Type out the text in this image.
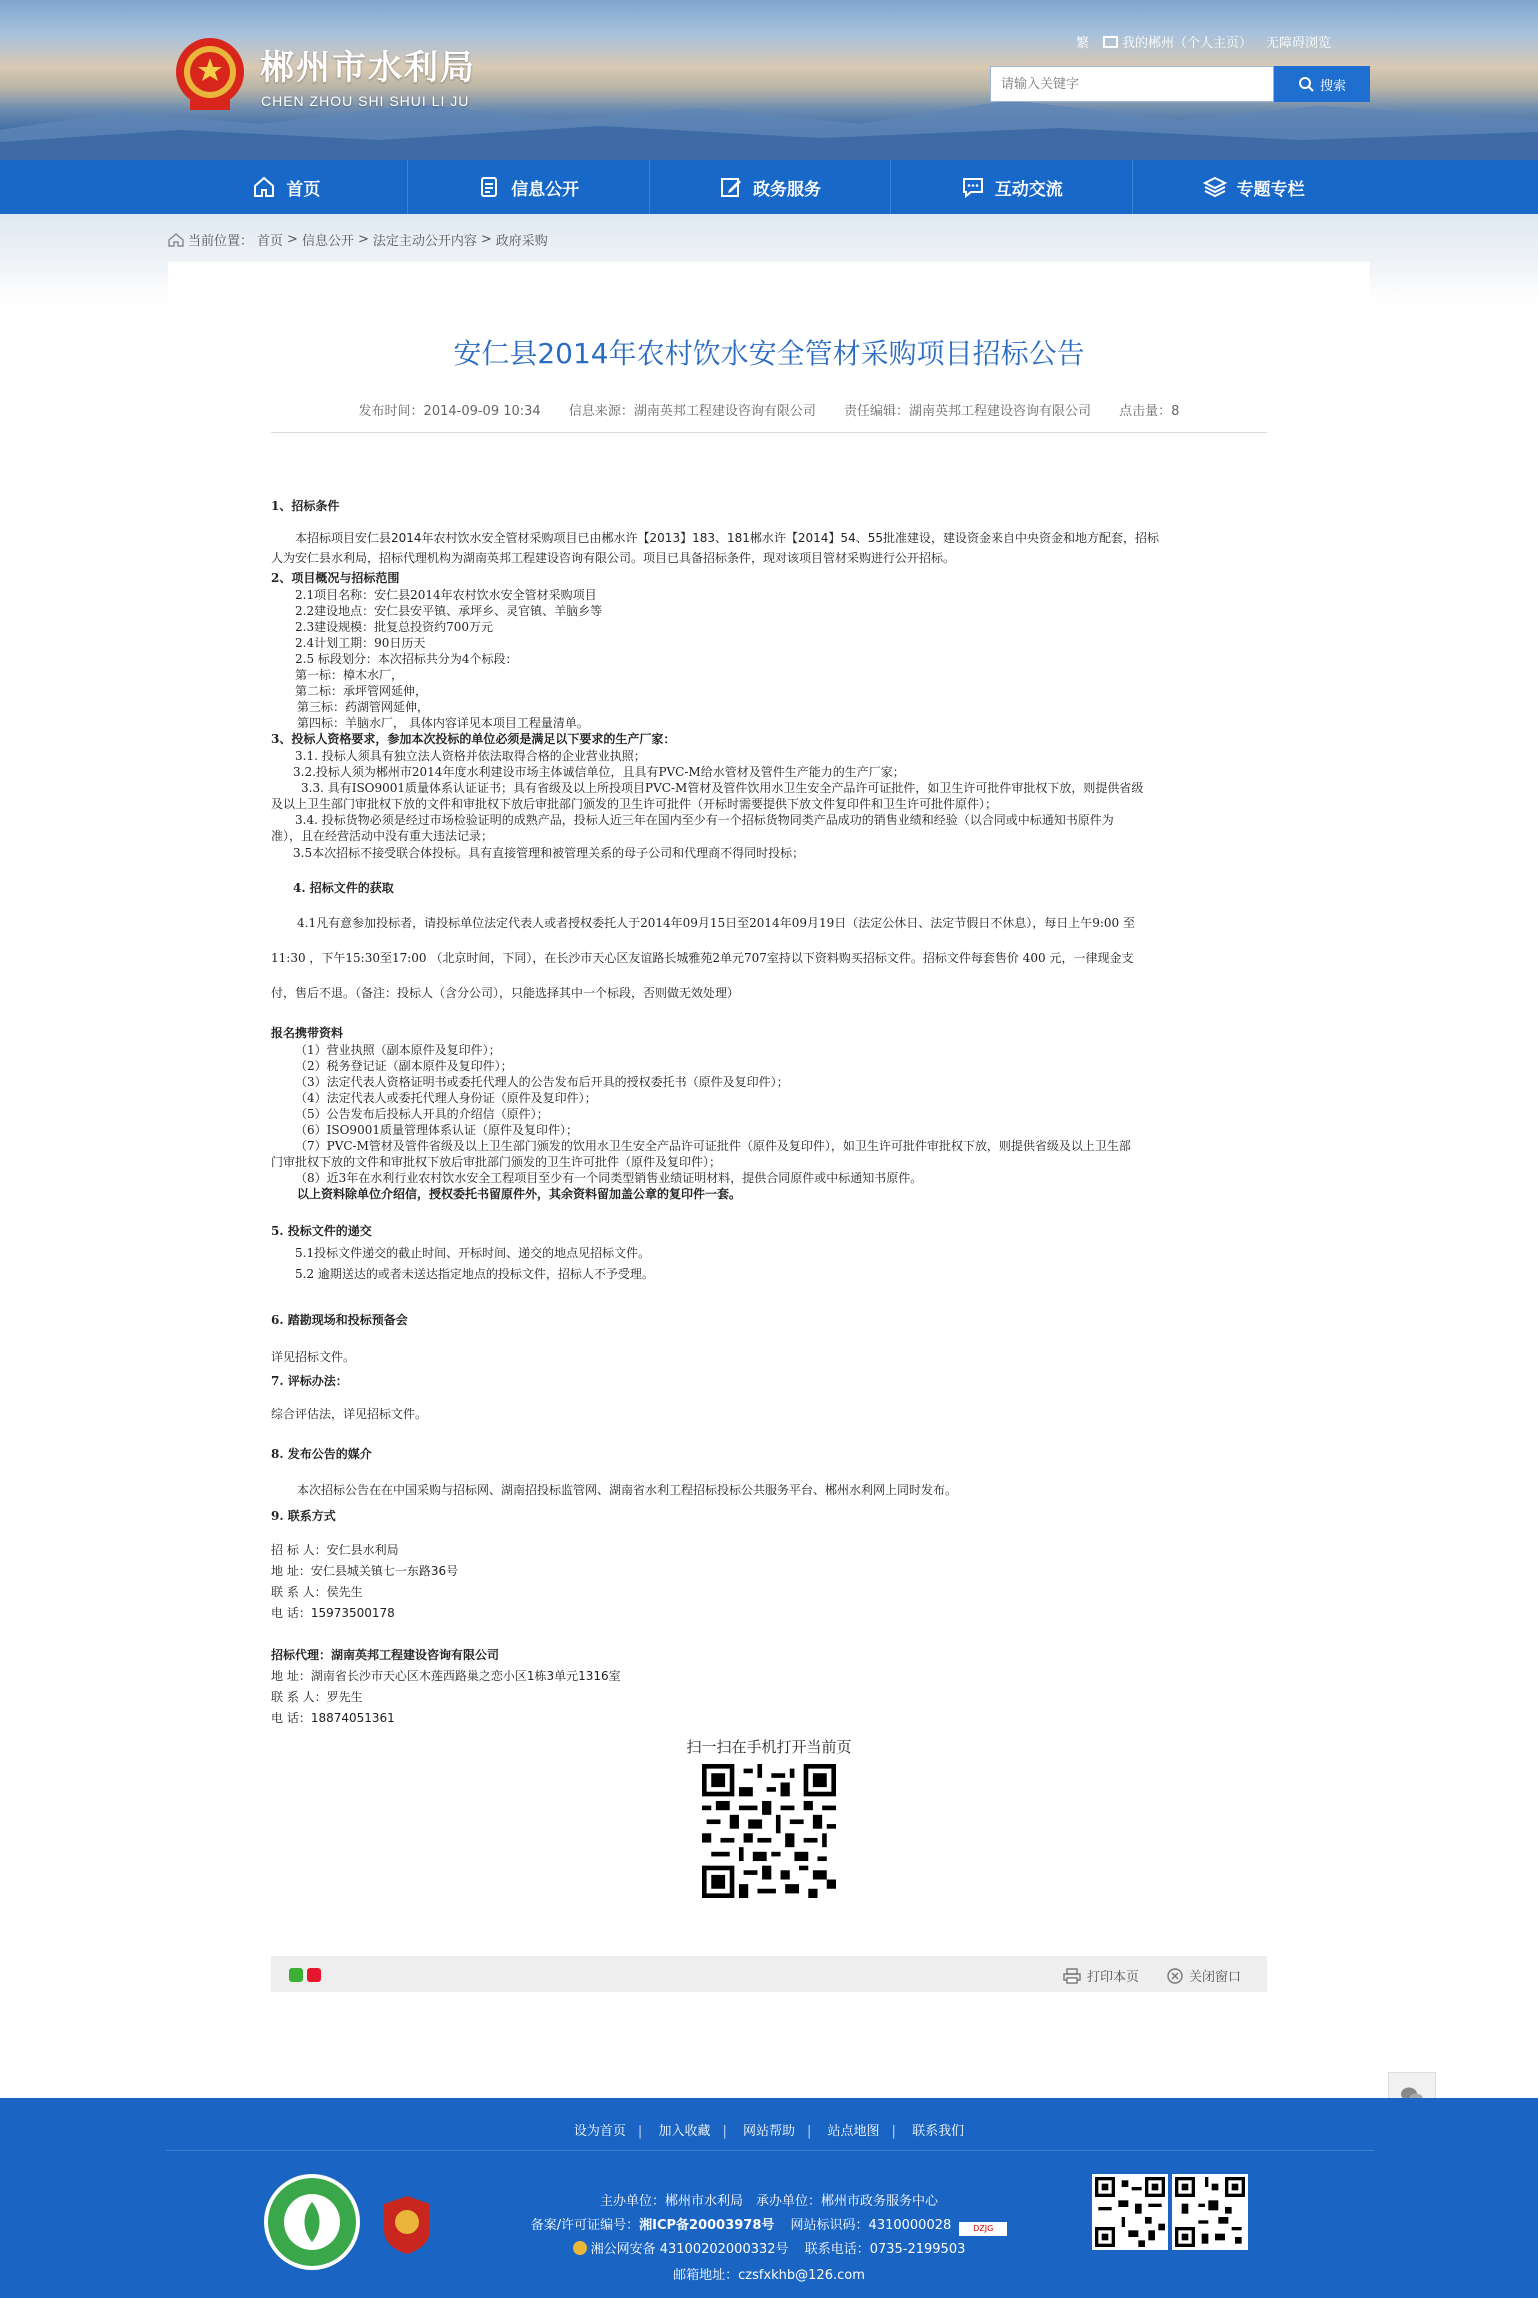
郴州市水利局
CHEN ZHOU SHI SHUI LI JU
繁	我的郴州（个人主页） 无障碍浏览
请输入关键字
搜索
首页	信息公开	政务服务	互动交流	专题专栏
当前位置： 首页 > 信息公开 > 法定主动公开内容 > 政府采购
安仁县2014年农村饮水安全管材采购项目招标公告
发布时间：2014-09-09 10:34 信息来源：湖南英邦工程建设咨询有限公司 责任编辑：湖南英邦工程建设咨询有限公司 点击量：8
1、招标条件
本招标项目安仁县2014年农村饮水安全管材采购项目已由郴水许【2013】183、181郴水许【2014】54、55批准建设，建设资金来自中央资金和地方配套，招标
人为安仁县水利局，招标代理机构为湖南英邦工程建设咨询有限公司。项目已具备招标条件，现对该项目管材采购进行公开招标。
2、项目概况与招标范围
2.1项目名称：安仁县2014年农村饮水安全管材采购项目
2.2建设地点：安仁县安平镇、承坪乡、灵官镇、羊脑乡等
2.3建设规模：批复总投资约700万元
2.4计划工期：90日历天
2.5 标段划分：本次招标共分为4个标段：
第一标：樟木水厂，
第二标：承坪管网延伸，
第三标：药湖管网延伸，
第四标：羊脑水厂， 具体内容详见本项目工程量清单。
3、投标人资格要求，参加本次投标的单位必须是满足以下要求的生产厂家：
3.1. 投标人须具有独立法人资格并依法取得合格的企业营业执照；
3.2.投标人须为郴州市2014年度水利建设市场主体诚信单位，且具有PVC-M给水管材及管件生产能力的生产厂家；
3.3. 具有ISO9001质量体系认证证书；具有省级及以上所投项目PVC-M管材及管件饮用水卫生安全产品许可证批件，如卫生许可批件审批权下放，则提供省级
及以上卫生部门审批权下放的文件和审批权下放后审批部门颁发的卫生许可批件（开标时需要提供下放文件复印件和卫生许可批件原件）；
3.4. 投标货物必须是经过市场检验证明的成熟产品，投标人近三年在国内至少有一个招标货物同类产品成功的销售业绩和经验（以合同或中标通知书原件为
准），且在经营活动中没有重大违法记录；
3.5本次招标不接受联合体投标。具有直接管理和被管理关系的母子公司和代理商不得同时投标；
4. 招标文件的获取
4.1凡有意参加投标者，请投标单位法定代表人或者授权委托人于2014年09月15日至2014年09月19日（法定公休日、法定节假日不休息），每日上午9:00 至
11:30 ，下午15:30至17:00 （北京时间，下同），在长沙市天心区友谊路长城雅苑2单元707室持以下资料购买招标文件。招标文件每套售价 400 元，一律现金支
付，售后不退。（备注：投标人（含分公司），只能选择其中一个标段，否则做无效处理）
报名携带资料
（1）营业执照（副本原件及复印件）；
（2）税务登记证（副本原件及复印件）；
（3）法定代表人资格证明书或委托代理人的公告发布后开具的授权委托书（原件及复印件）；
（4）法定代表人或委托代理人身份证（原件及复印件）；
（5）公告发布后投标人开具的介绍信（原件）；
（6）ISO9001质量管理体系认证（原件及复印件）；
（7）PVC-M管材及管件省级及以上卫生部门颁发的饮用水卫生安全产品许可证批件（原件及复印件），如卫生许可批件审批权下放，则提供省级及以上卫生部
门审批权下放的文件和审批权下放后审批部门颁发的卫生许可批件（原件及复印件）；
（8）近3年在水利行业农村饮水安全工程项目至少有一个同类型销售业绩证明材料，提供合同原件或中标通知书原件。
以上资料除单位介绍信，授权委托书留原件外，其余资料留加盖公章的复印件一套。
5. 投标文件的递交
5.1投标文件递交的截止时间、开标时间、递交的地点见招标文件。
5.2 逾期送达的或者未送达指定地点的投标文件，招标人不予受理。
6. 踏勘现场和投标预备会
详见招标文件。
7. 评标办法：
综合评估法，详见招标文件。
8. 发布公告的媒介
本次招标公告在在中国采购与招标网、湖南招投标监管网、湖南省水利工程招标投标公共服务平台、郴州水利网上同时发布。
9. 联系方式
招 标 人：安仁县水利局
地 址：安仁县城关镇七一东路36号
联 系 人：侯先生
电 话：15973500178
招标代理：湖南英邦工程建设咨询有限公司
地 址：湖南省长沙市天心区木莲西路巢之恋小区1栋3单元1316室
联 系 人：罗先生
电 话：18874051361
扫一扫在手机打开当前页
打印本页	关闭窗口
设为首页 | 加入收藏 | 网站帮助 | 站点地图 | 联系我们
主办单位：郴州市水利局　承办单位：郴州市政务服务中心
备案/许可证编号：湘ICP备20003978号 网站标识码：4310000028	DZJG
湘公网安备 43100202000332号 联系电话：0735-2199503
邮箱地址：czsfxkhb@126.com
